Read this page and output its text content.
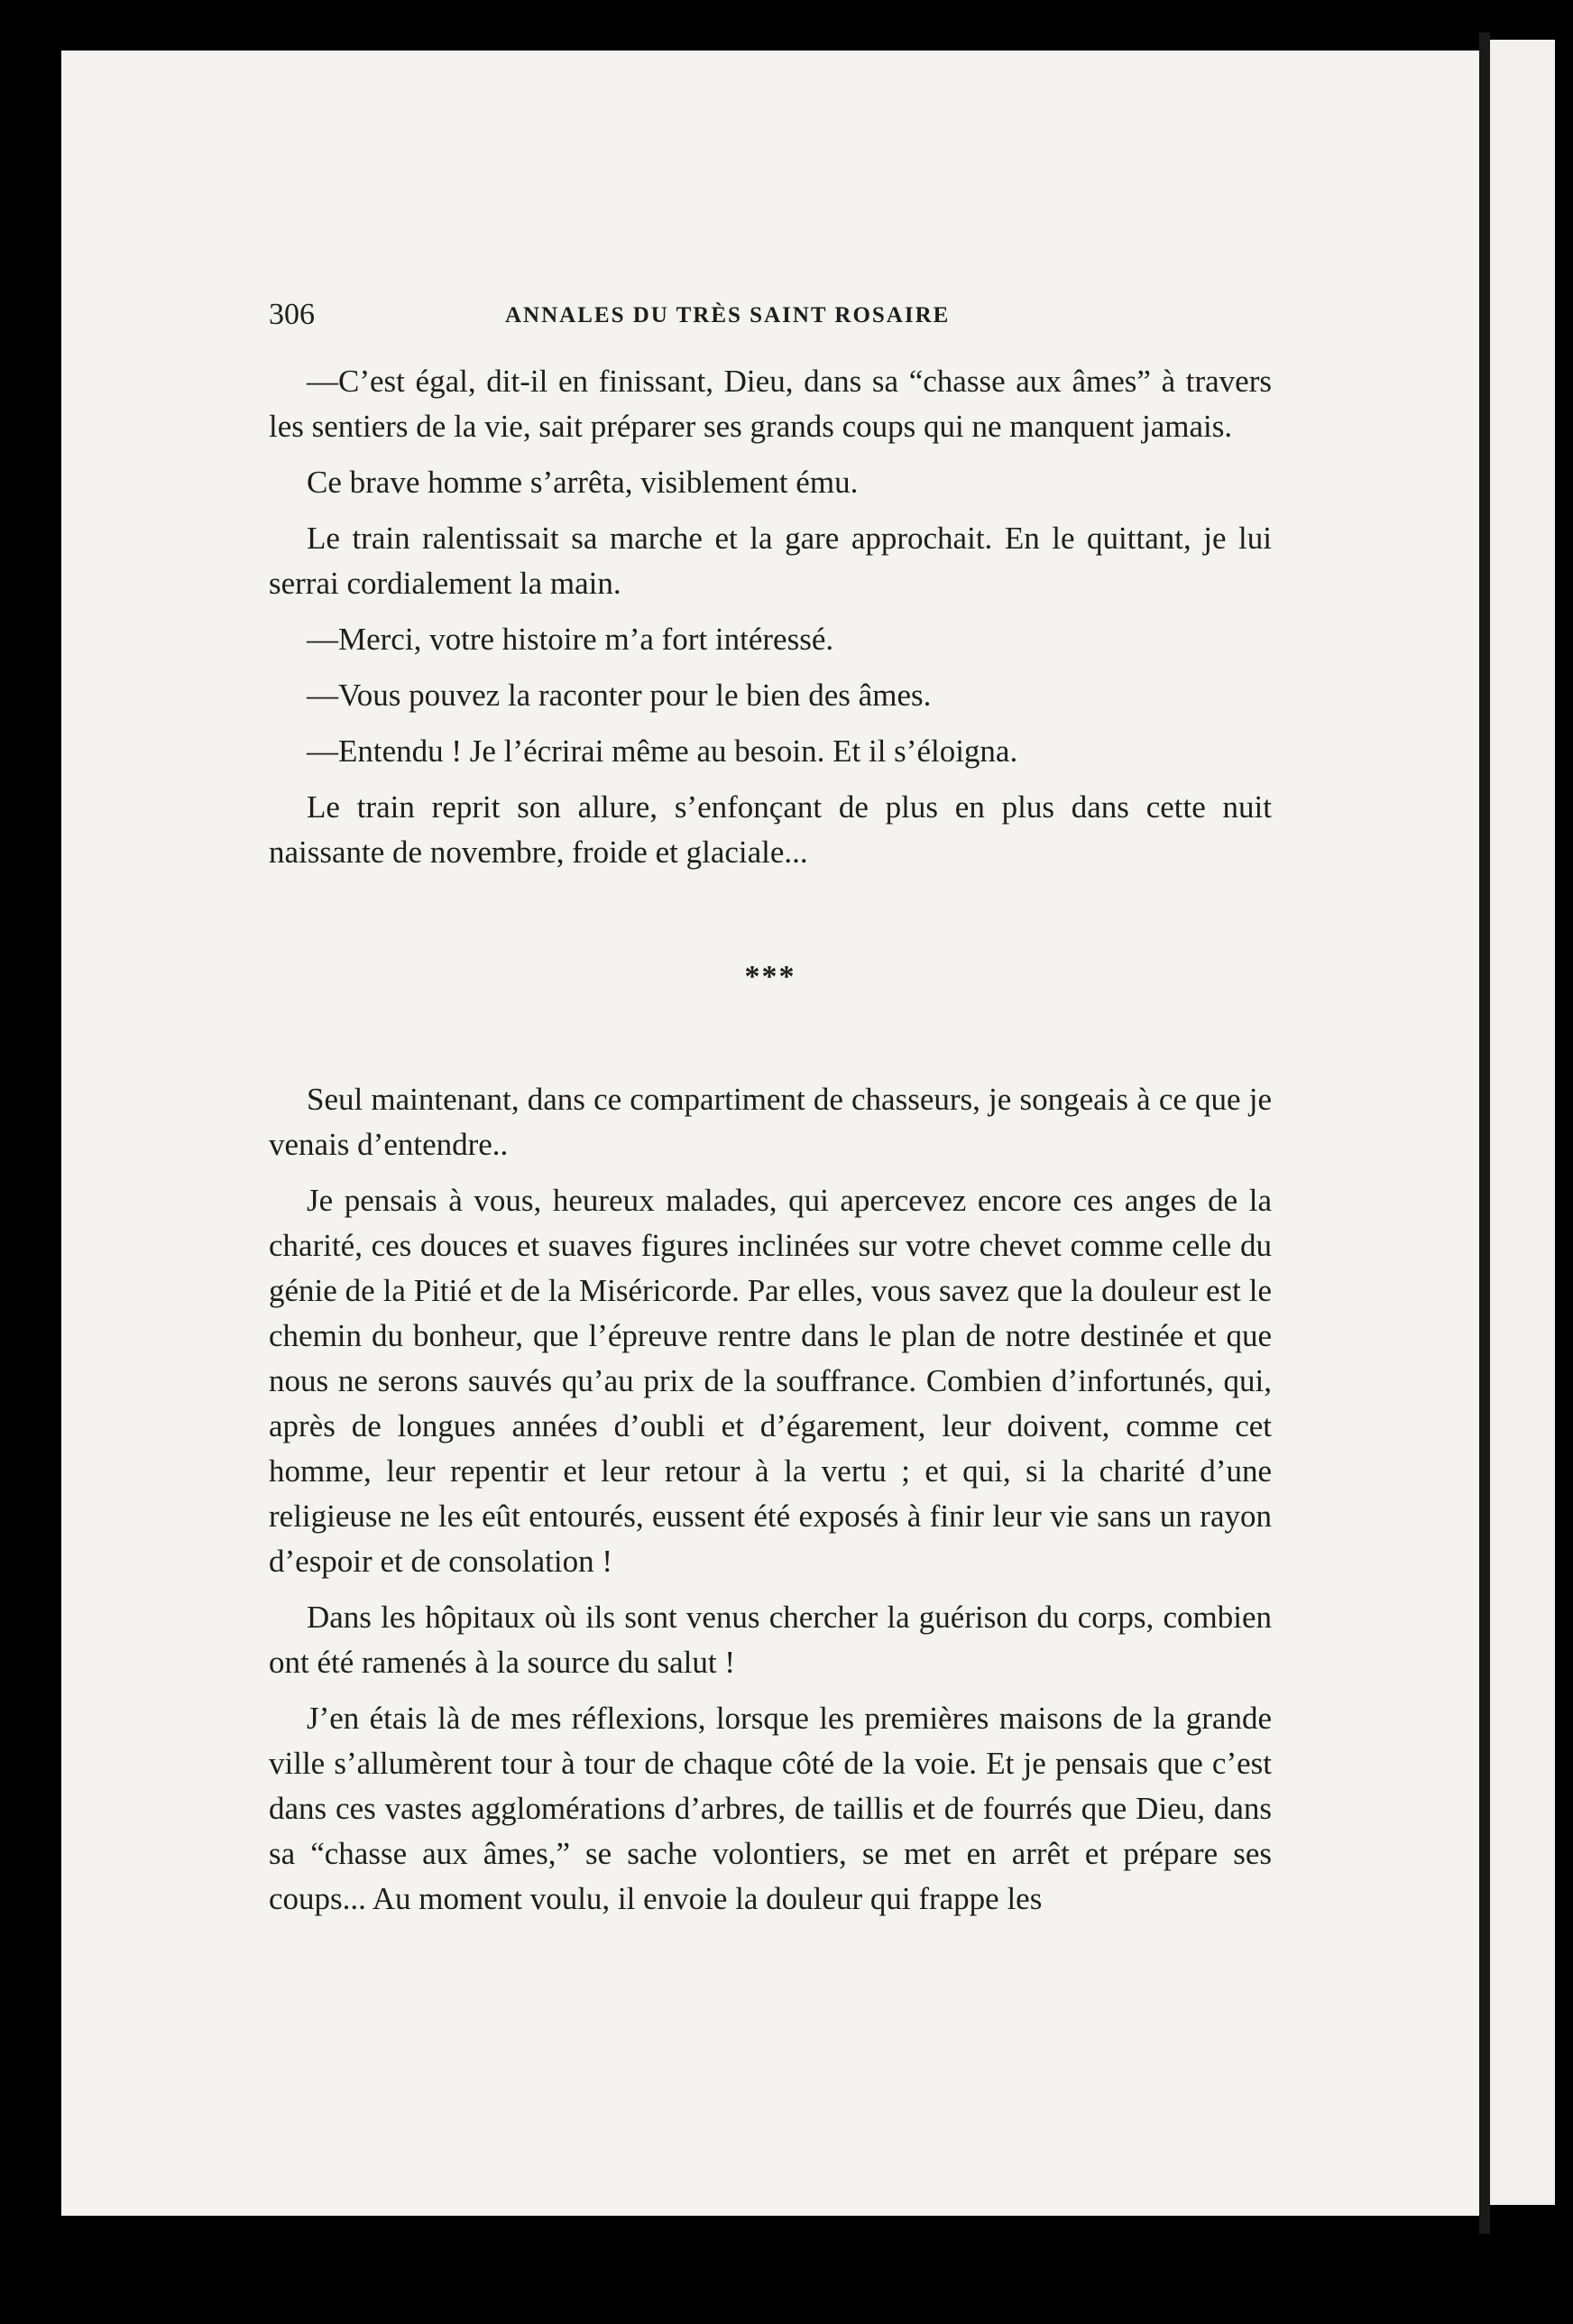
306	ANNALES DU TRÈS SAINT ROSAIRE

—C’est égal, dit-il en finissant, Dieu, dans sa “chasse aux âmes” à travers les sentiers de la vie, sait préparer ses grands coups qui ne manquent jamais.

Ce brave homme s’arrêta, visiblement ému.

Le train ralentissait sa marche et la gare approchait. En le quittant, je lui serrai cordialement la main.

—Merci, votre histoire m’a fort intéressé.

—Vous pouvez la raconter pour le bien des âmes.

—Entendu ! Je l’écrirai même au besoin. Et il s’éloigna.

Le train reprit son allure, s’enfonçant de plus en plus dans cette nuit naissante de novembre, froide et glaciale...

***

Seul maintenant, dans ce compartiment de chasseurs, je songeais à ce que je venais d’entendre..

Je pensais à vous, heureux malades, qui apercevez encore ces anges de la charité, ces douces et suaves figures inclinées sur votre chevet comme celle du génie de la Pitié et de la Miséricorde. Par elles, vous savez que la douleur est le chemin du bonheur, que l’épreuve rentre dans le plan de notre destinée et que nous ne serons sauvés qu’au prix de la souffrance. Combien d’infortunés, qui, après de longues années d’oubli et d’égarement, leur doivent, comme cet homme, leur repentir et leur retour à la vertu ; et qui, si la charité d’une religieuse ne les eût entourés, eussent été exposés à finir leur vie sans un rayon d’espoir et de consolation !

Dans les hôpitaux où ils sont venus chercher la guérison du corps, combien ont été ramenés à la source du salut !

J’en étais là de mes réflexions, lorsque les premières maisons de la grande ville s’allumèrent tour à tour de chaque côté de la voie. Et je pensais que c’est dans ces vastes agglomérations d’arbres, de taillis et de fourrés que Dieu, dans sa “chasse aux âmes,” se sache volontiers, se met en arrêt et prépare ses coups... Au moment voulu, il envoie la douleur qui frappe les
